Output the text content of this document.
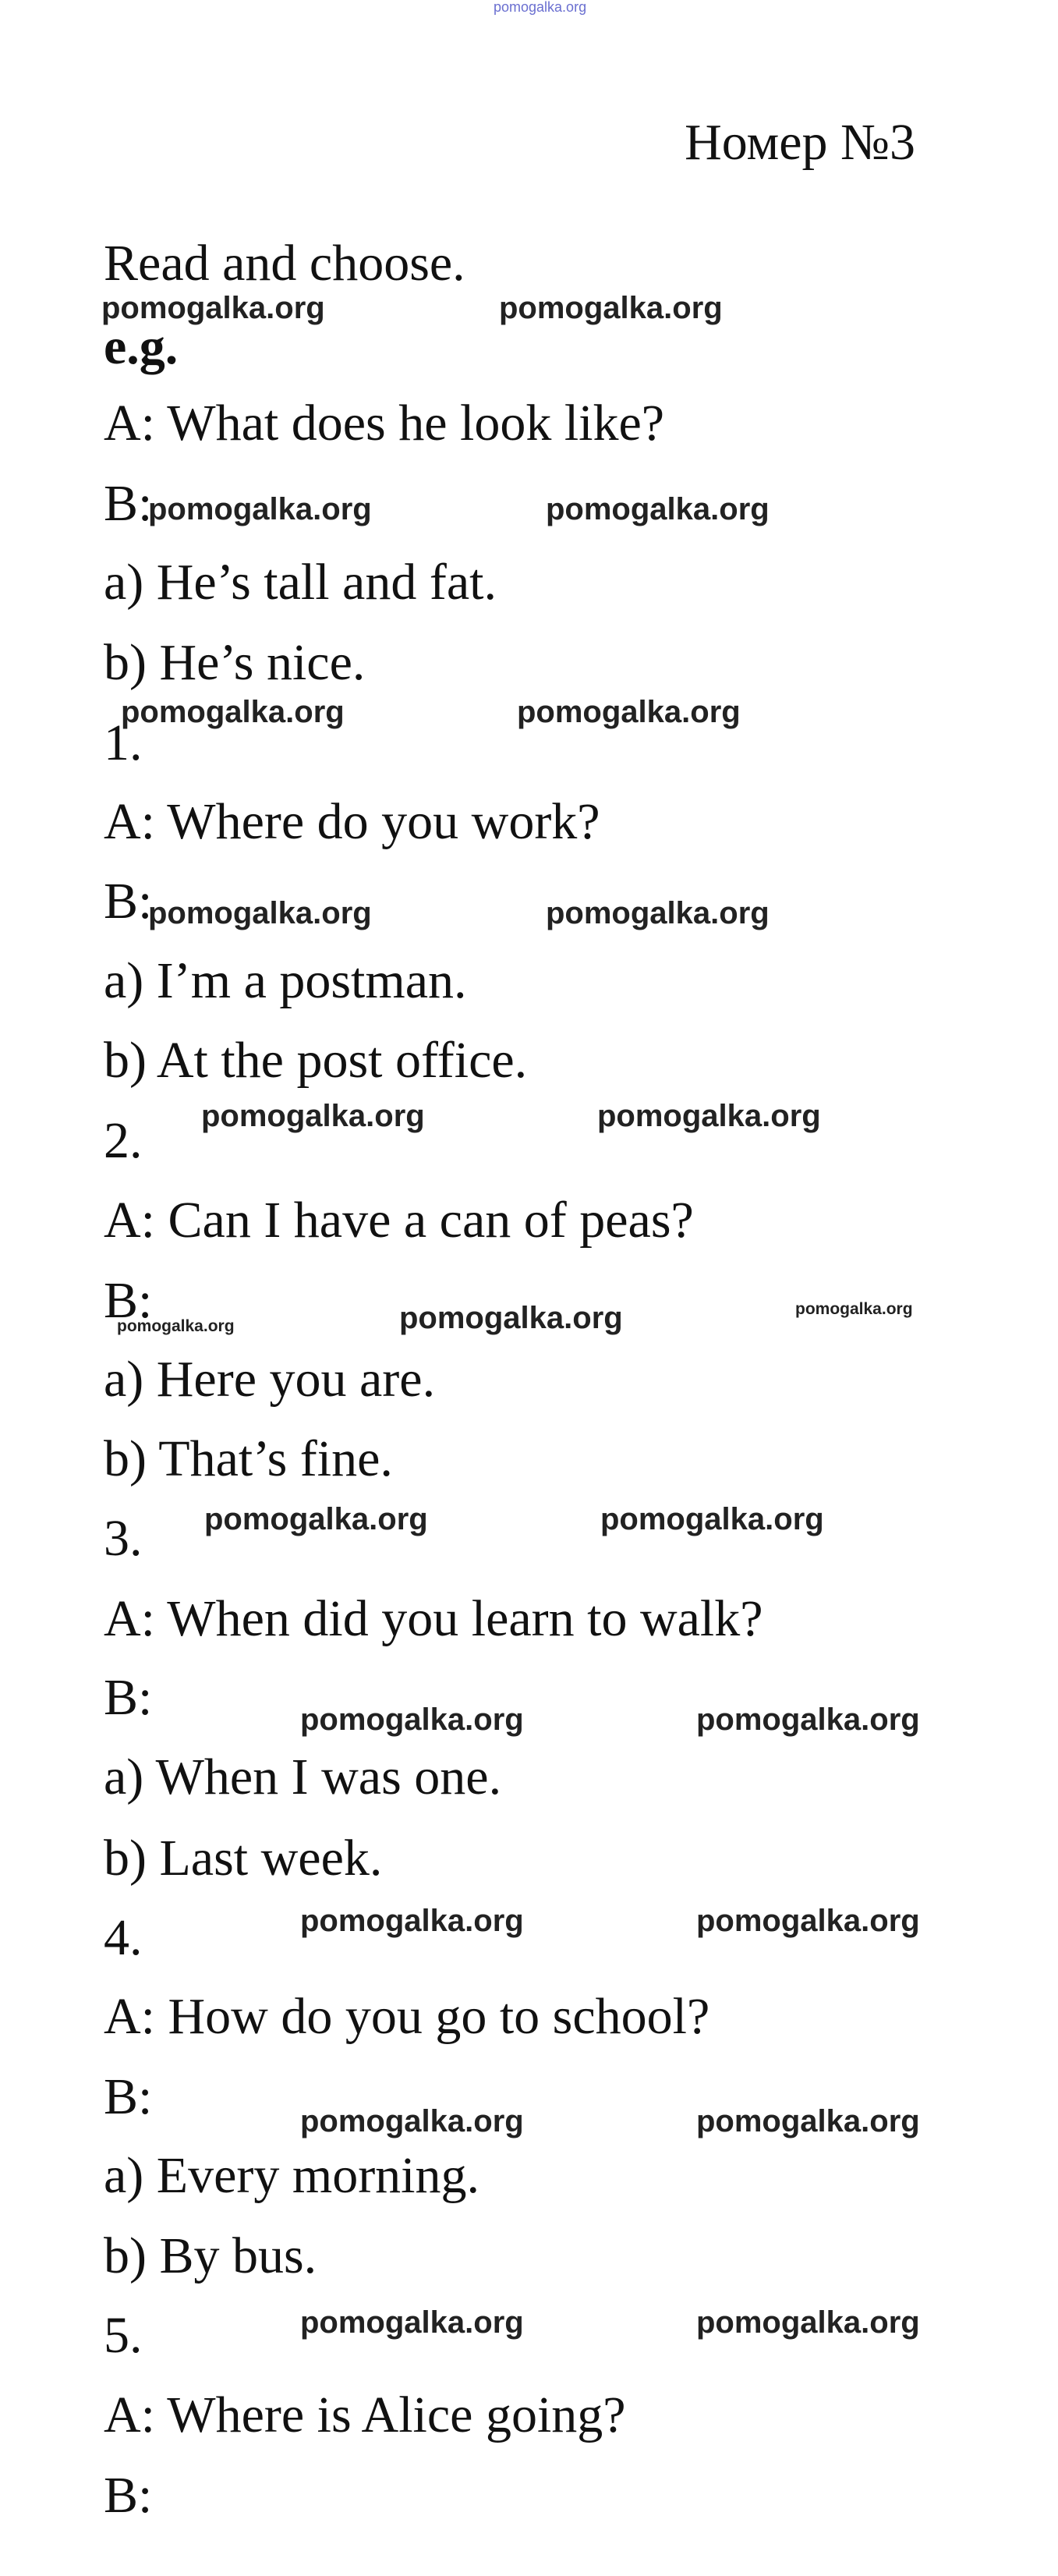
pomogalka.org
Номер №3
Read and choose.
pomogalka.org	pomogalka.org
e.g.
A: What does he look like?
B:
pomogalka.org	pomogalka.org
a) He’s tall and fat.
b) He’s nice.
1.
pomogalka.org	pomogalka.org
A: Where do you work?
B:
pomogalka.org	pomogalka.org
a) I’m a postman.
b) At the post office.
2. pomogalka.org	pomogalka.org
A: Can I have a can of peas?
B:
pomogalka.org	pomogalka.org	pomogalka.org
a) Here you are.
b) That’s fine.
3. pomogalka.org	pomogalka.org
A: When did you learn to walk?
B:	pomogalka.org	pomogalka.org
a) When I was one.
b) Last week.
4.	pomogalka.org	pomogalka.org
A: How do you go to school?
B:	pomogalka.org	pomogalka.org
a) Every morning.
b) By bus.
5.	pomogalka.org	pomogalka.org
A: Where is Alice going?
B:
